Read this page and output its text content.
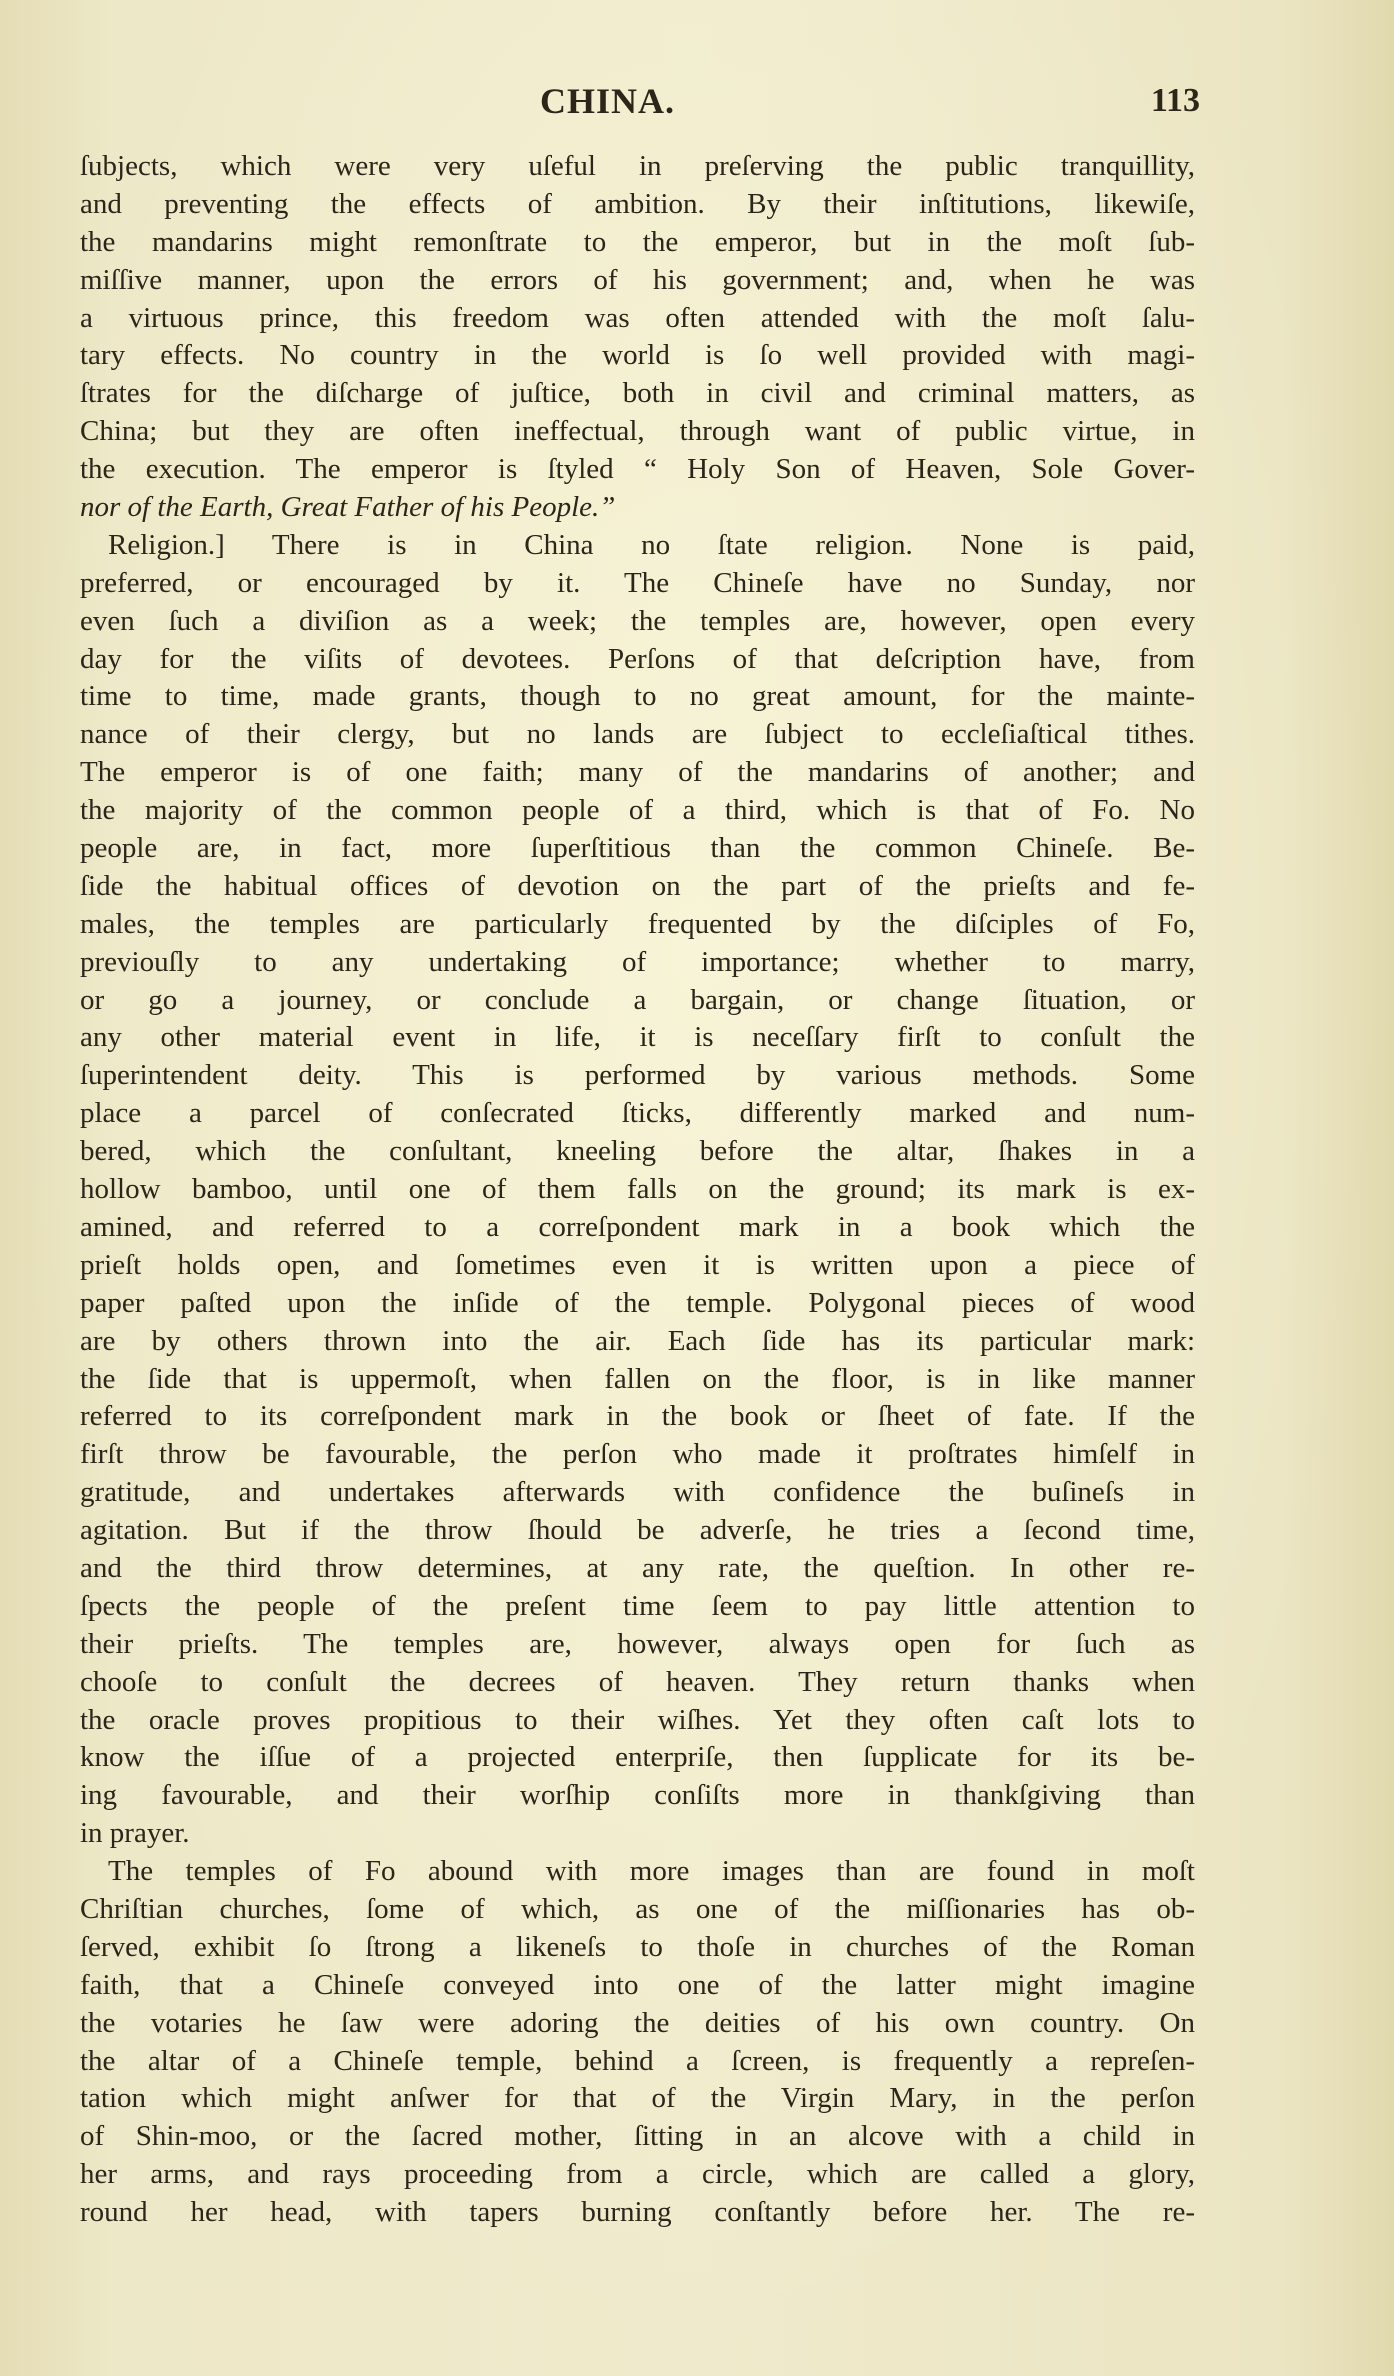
CHINA.	113
ſubjects, which were very uſeful in preſerving the public tranquillity,
and preventing the effects of ambition. By their inſtitutions, likewiſe,
the mandarins might remonſtrate to the emperor, but in the moſt ſub-
miſſive manner, upon the errors of his government; and, when he was
a virtuous prince, this freedom was often attended with the moſt ſalu-
tary effects. No country in the world is ſo well provided with magi-
ſtrates for the diſcharge of juſtice, both in civil and criminal matters, as
China; but they are often ineffectual, through want of public virtue, in
the execution. The emperor is ſtyled “ Holy Son of Heaven, Sole Gover-
nor of the Earth, Great Father of his People.”
Religion.] There is in China no ſtate religion. None is paid,
preferred, or encouraged by it. The Chineſe have no Sunday, nor
even ſuch a diviſion as a week; the temples are, however, open every
day for the viſits of devotees. Perſons of that deſcription have, from
time to time, made grants, though to no great amount, for the mainte-
nance of their clergy, but no lands are ſubject to eccleſiaſtical tithes.
The emperor is of one faith; many of the mandarins of another; and
the majority of the common people of a third, which is that of Fo. No
people are, in fact, more ſuperſtitious than the common Chineſe. Be-
ſide the habitual offices of devotion on the part of the prieſts and fe-
males, the temples are particularly frequented by the diſciples of Fo,
previouſly to any undertaking of importance; whether to marry,
or go a journey, or conclude a bargain, or change ſituation, or
any other material event in life, it is neceſſary firſt to conſult the
ſuperintendent deity. This is performed by various methods. Some
place a parcel of conſecrated ſticks, differently marked and num-
bered, which the conſultant, kneeling before the altar, ſhakes in a
hollow bamboo, until one of them falls on the ground; its mark is ex-
amined, and referred to a correſpondent mark in a book which the
prieſt holds open, and ſometimes even it is written upon a piece of
paper paſted upon the inſide of the temple. Polygonal pieces of wood
are by others thrown into the air. Each ſide has its particular mark:
the ſide that is uppermoſt, when fallen on the floor, is in like manner
referred to its correſpondent mark in the book or ſheet of fate. If the
firſt throw be favourable, the perſon who made it proſtrates himſelf in
gratitude, and undertakes afterwards with confidence the buſineſs in
agitation. But if the throw ſhould be adverſe, he tries a ſecond time,
and the third throw determines, at any rate, the queſtion. In other re-
ſpects the people of the preſent time ſeem to pay little attention to
their prieſts. The temples are, however, always open for ſuch as
chooſe to conſult the decrees of heaven. They return thanks when
the oracle proves propitious to their wiſhes. Yet they often caſt lots to
know the iſſue of a projected enterpriſe, then ſupplicate for its be-
ing favourable, and their worſhip conſiſts more in thankſgiving than
in prayer.
The temples of Fo abound with more images than are found in moſt
Chriſtian churches, ſome of which, as one of the miſſionaries has ob-
ſerved, exhibit ſo ſtrong a likeneſs to thoſe in churches of the Roman
faith, that a Chineſe conveyed into one of the latter might imagine
the votaries he ſaw were adoring the deities of his own country. On
the altar of a Chineſe temple, behind a ſcreen, is frequently a repreſen-
tation which might anſwer for that of the Virgin Mary, in the perſon
of Shin-moo, or the ſacred mother, ſitting in an alcove with a child in
her arms, and rays proceeding from a circle, which are called a glory,
round her head, with tapers burning conſtantly before her. The re-
